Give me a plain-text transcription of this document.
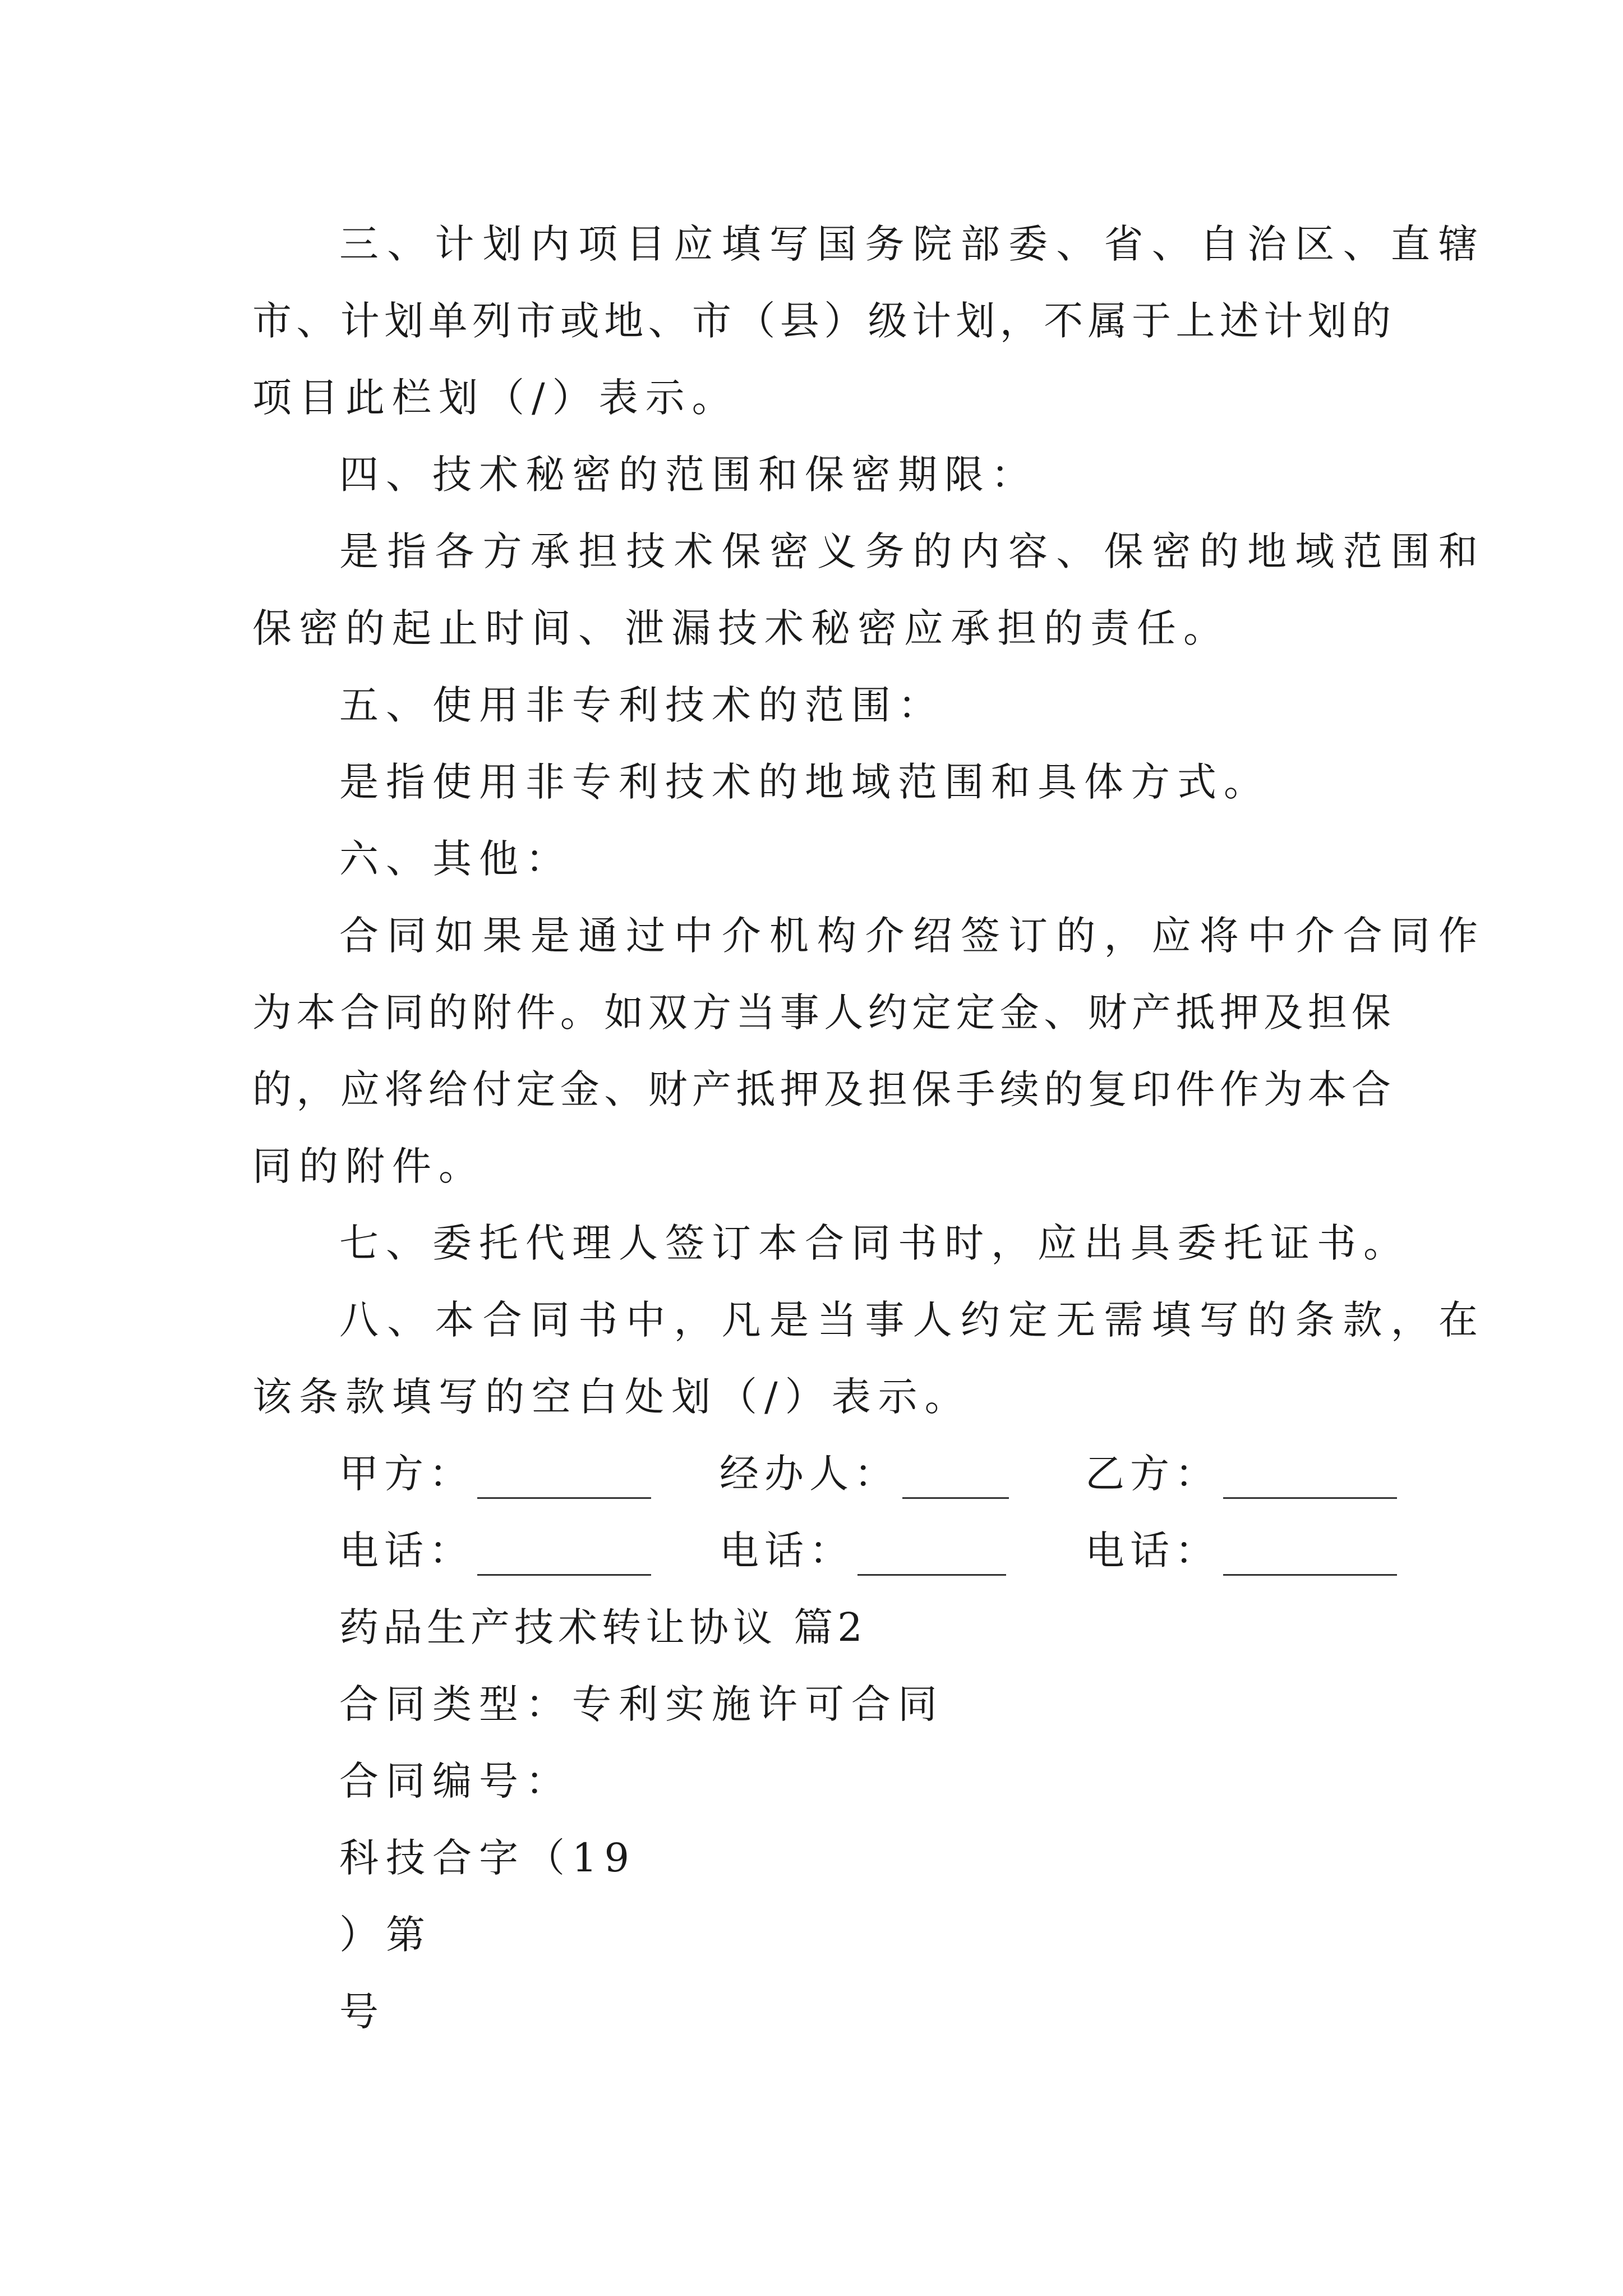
三、计划内项目应填写国务院部委、省、自治区、直辖
市、计划单列市或地、市（县）级计划，不属于上述计划的
项目此栏划（/）表示。
四、技术秘密的范围和保密期限：
是指各方承担技术保密义务的内容、保密的地域范围和
保密的起止时间、泄漏技术秘密应承担的责任。
五、使用非专利技术的范围：
是指使用非专利技术的地域范围和具体方式。
六、其他：
合同如果是通过中介机构介绍签订的，应将中介合同作
为本合同的附件。如双方当事人约定定金、财产抵押及担保
的，应将给付定金、财产抵押及担保手续的复印件作为本合
同的附件。
七、委托代理人签订本合同书时，应出具委托证书。
八、本合同书中，凡是当事人约定无需填写的条款，在
该条款填写的空白处划（/）表示。
甲方：	经办人：	乙方：
电话：	电话：	电话：
药品生产技术转让协议 篇2
合同类型：专利实施许可合同
合同编号：
科技合字（19
）第
号
